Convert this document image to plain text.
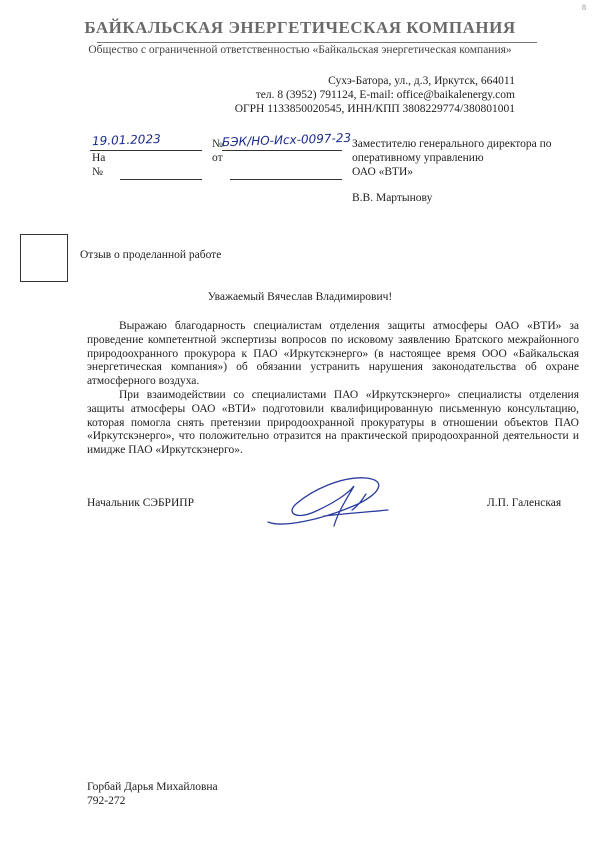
8
БАЙКАЛЬСКАЯ ЭНЕРГЕТИЧЕСКАЯ КОМПАНИЯ
Общество с ограниченной ответственностью «Байкальская энергетическая компания»
Сухэ-Батора, ул., д.3, Иркутск, 664011
тел. 8 (3952) 791124, E-mail: office@baikalenergy.com
ОГРН 1133850020545, ИНН/КПП 3808229774/380801001
19.01.2023	№
БЭК/НО-Исх-0097-23
На	от
№
Заместителю генерального директора по оперативному управлению
ОАО «ВТИ»
В.В. Мартынову
Отзыв о проделанной работе
Уважаемый Вячеслав Владимирович!

Выражаю благодарность специалистам отделения защиты атмосферы ОАО «ВТИ» за проведение компетентной экспертизы вопросов по исковому заявлению Братского межрайонного природоохранного прокурора к ПАО «Иркутскэнерго» (в настоящее время ООО «Байкальская энергетическая компания») об обязании устранить нарушения законодательства об охране атмосферного воздуха.

При взаимодействии со специалистами ПАО «Иркутскэнерго» специалисты отделения защиты атмосферы ОАО «ВТИ» подготовили квалифицированную письменную консультацию, которая помогла снять претензии природоохранной прокуратуры в отношении объектов ПАО «Иркутскэнерго», что положительно отразится на практической природоохранной деятельности и имидже ПАО «Иркутскэнерго».

Начальник СЭБРИПР	Л.П. Галенская
Горбай Дарья Михайловна
792-272
